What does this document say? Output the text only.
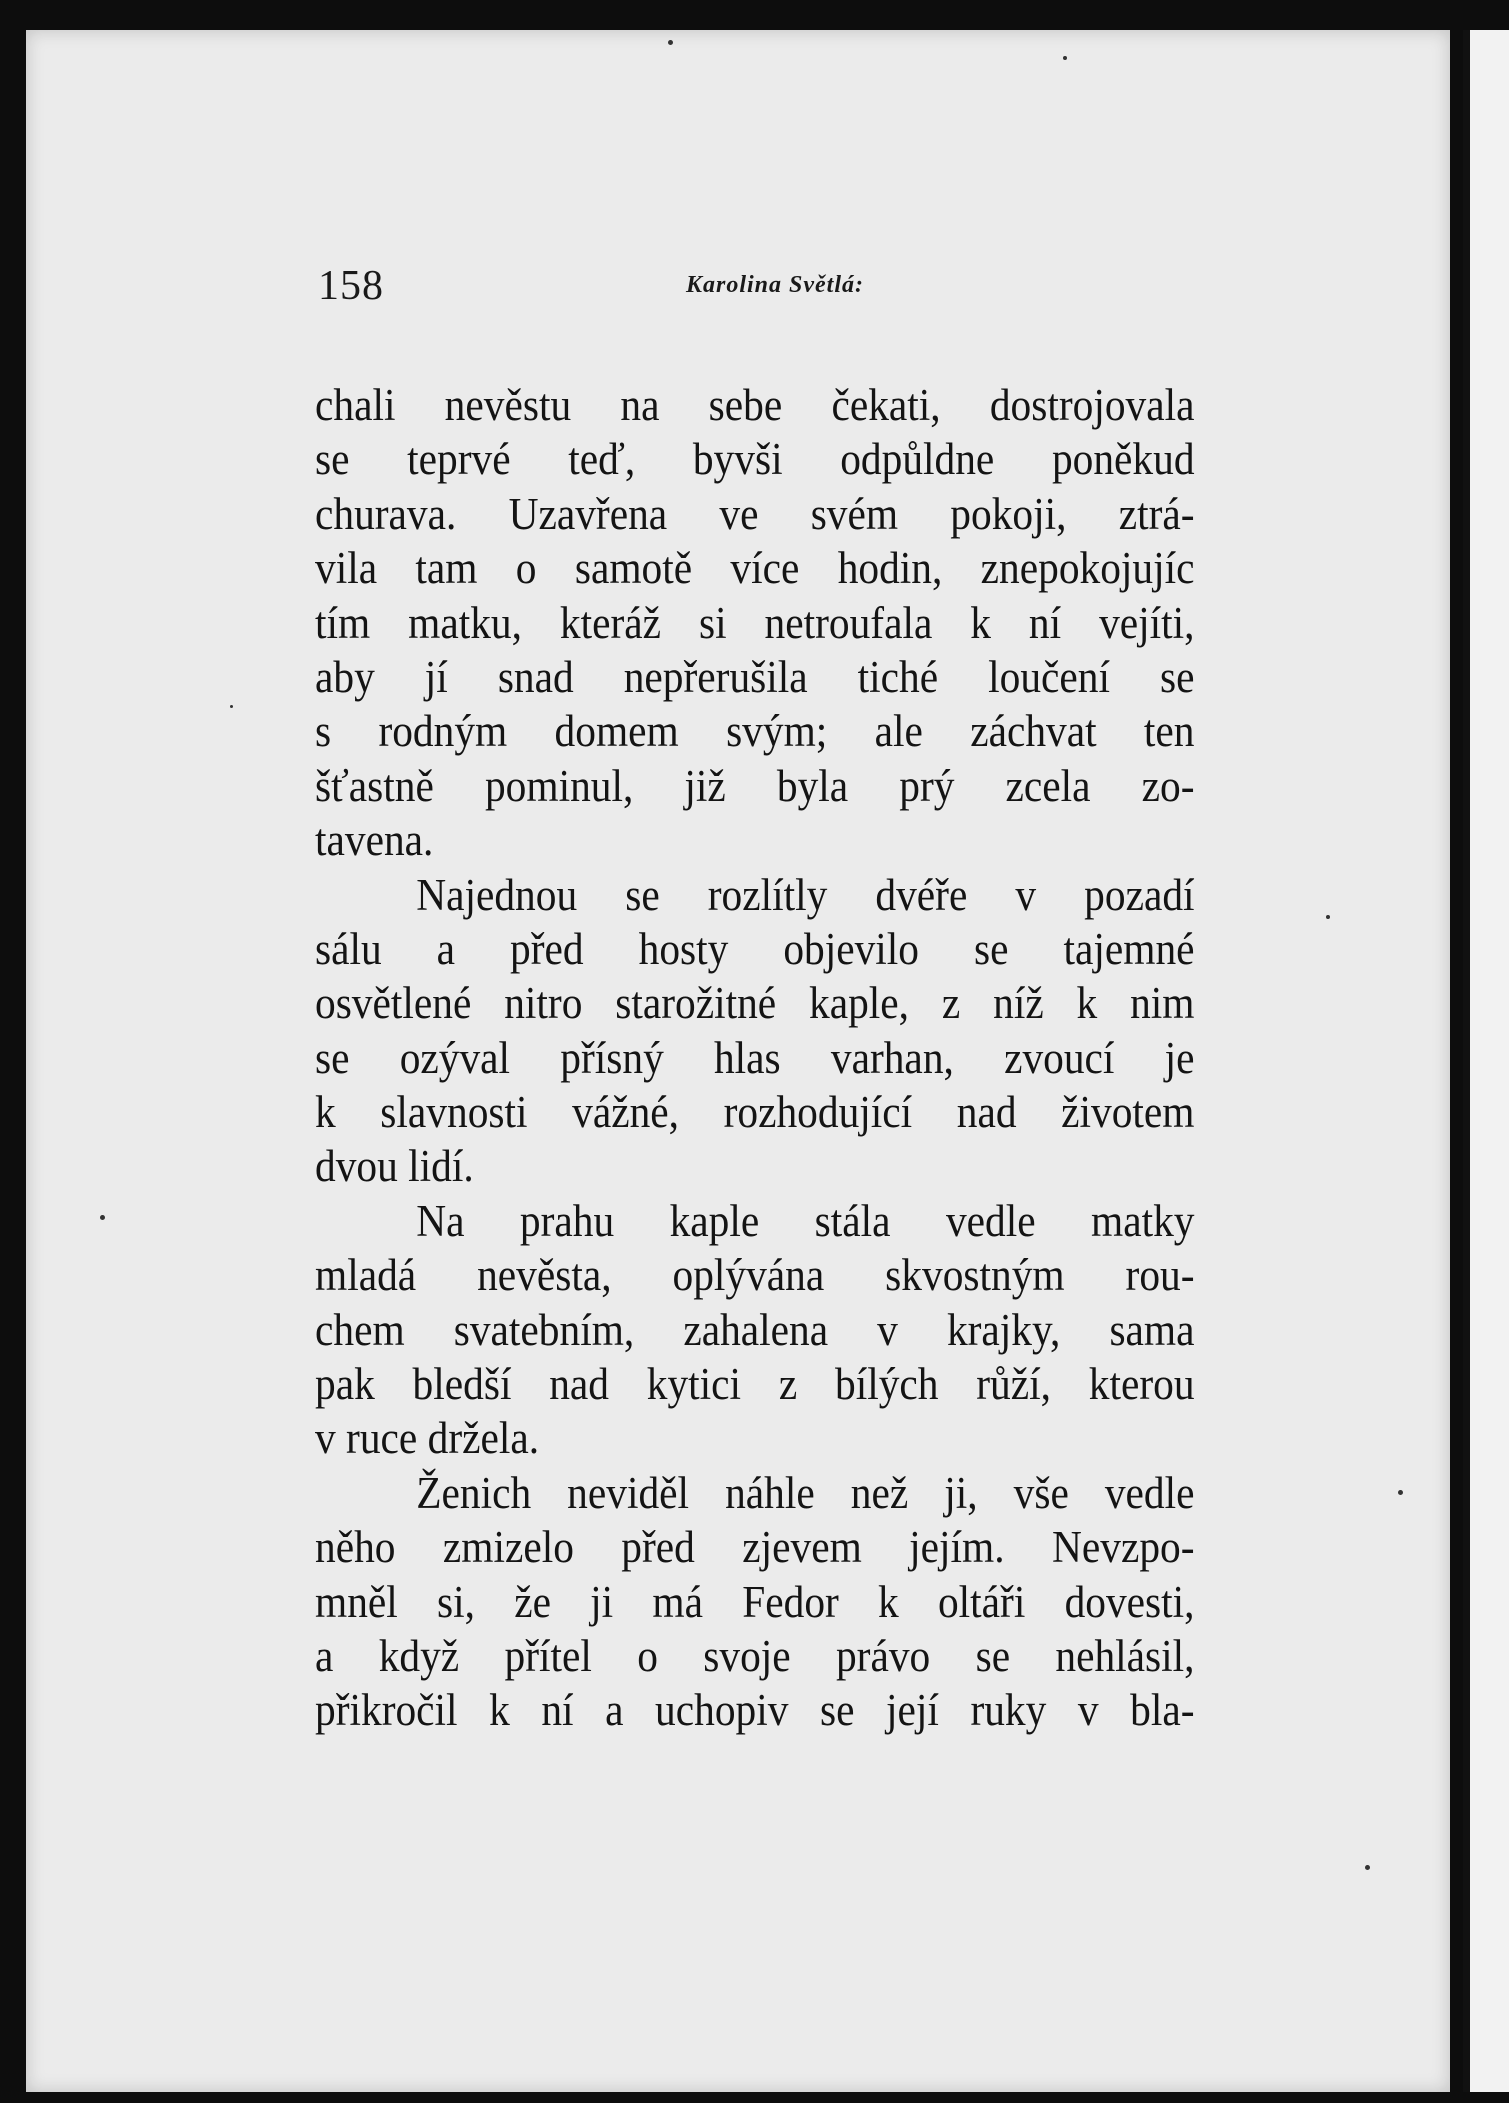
158	Karolina Světlá:
chali nevěstu na sebe čekati, dostrojovala
se teprvé teď, byvši odpůldne poněkud
churava. Uzavřena ve svém pokoji, ztrá-
vila tam o samotě více hodin, znepokojujíc
tím matku, kteráž si netroufala k ní vejíti,
aby jí snad nepřerušila tiché loučení se
s rodným domem svým; ale záchvat ten
šťastně pominul, již byla prý zcela zo-
tavena.
Najednou se rozlítly dvéře v pozadí
sálu a před hosty objevilo se tajemné
osvětlené nitro starožitné kaple, z níž k nim
se ozýval přísný hlas varhan, zvoucí je
k slavnosti vážné, rozhodující nad životem
dvou lidí.
Na prahu kaple stála vedle matky
mladá nevěsta, oplývána skvostným rou-
chem svatebním, zahalena v krajky, sama
pak bledší nad kytici z bílých růží, kterou
v ruce držela.
Ženich neviděl náhle než ji, vše vedle
něho zmizelo před zjevem jejím. Nevzpo-
mněl si, že ji má Fedor k oltáři dovesti,
a když přítel o svoje právo se nehlásil,
přikročil k ní a uchopiv se její ruky v bla-
